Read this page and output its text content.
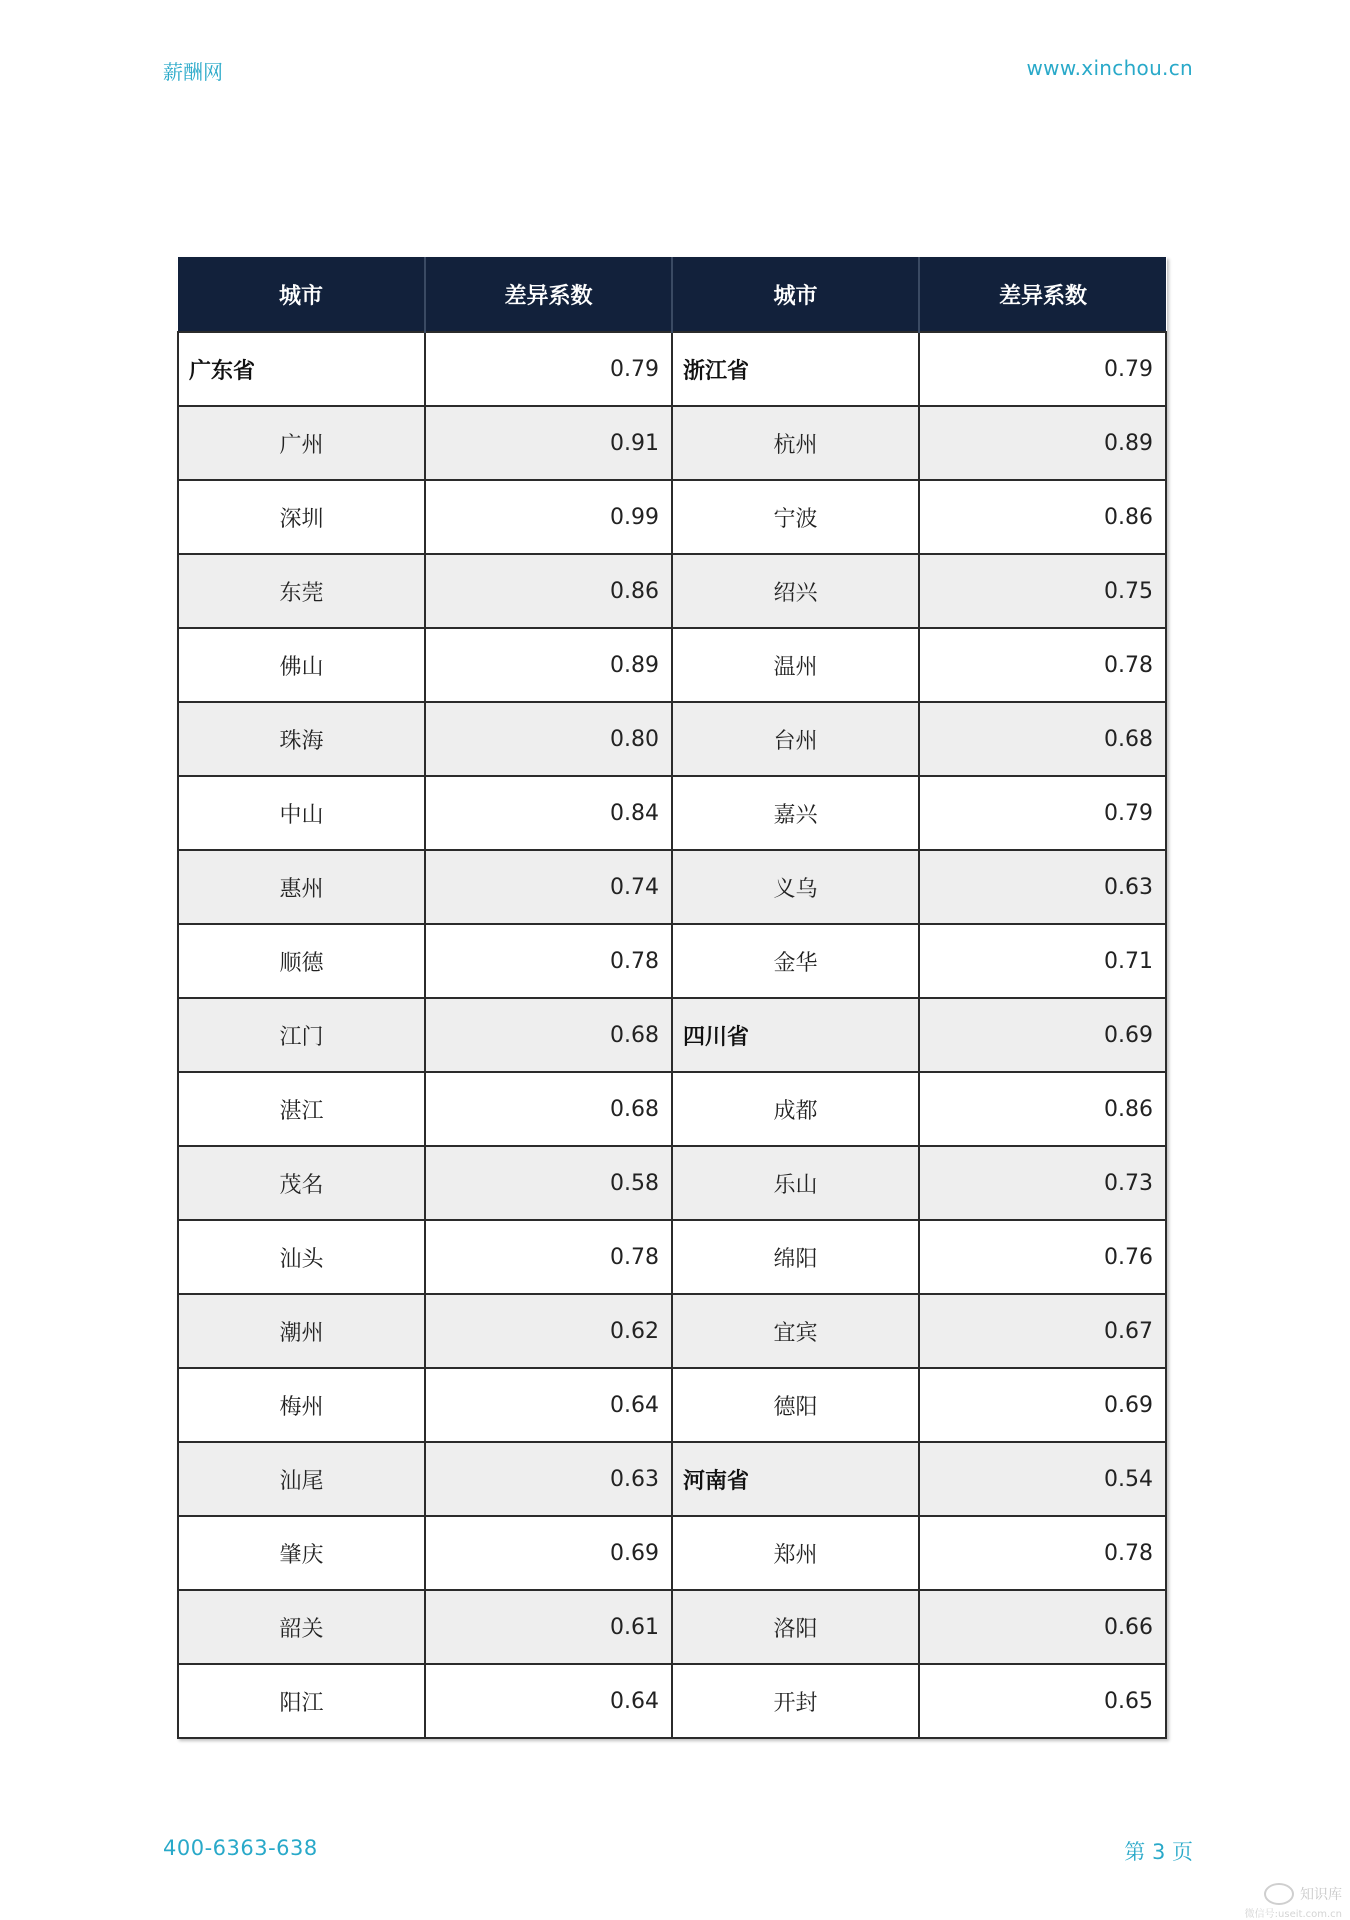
薪酬网	www.xinchou.cn
城市	差异系数	城市	差异系数
广东省	0.79	浙江省	0.79
广州	0.91	杭州	0.89
深圳	0.99	宁波	0.86
东莞	0.86	绍兴	0.75
佛山	0.89	温州	0.78
珠海	0.80	台州	0.68
中山	0.84	嘉兴	0.79
惠州	0.74	义乌	0.63
顺德	0.78	金华	0.71
江门	0.68	四川省	0.69
湛江	0.68	成都	0.86
茂名	0.58	乐山	0.73
汕头	0.78	绵阳	0.76
潮州	0.62	宜宾	0.67
梅州	0.64	德阳	0.69
汕尾	0.63	河南省	0.54
肇庆	0.69	郑州	0.78
韶关	0.61	洛阳	0.66
阳江	0.64	开封	0.65
400-6363-638	第 3 页
知识库
微信号:useit.com.cn
